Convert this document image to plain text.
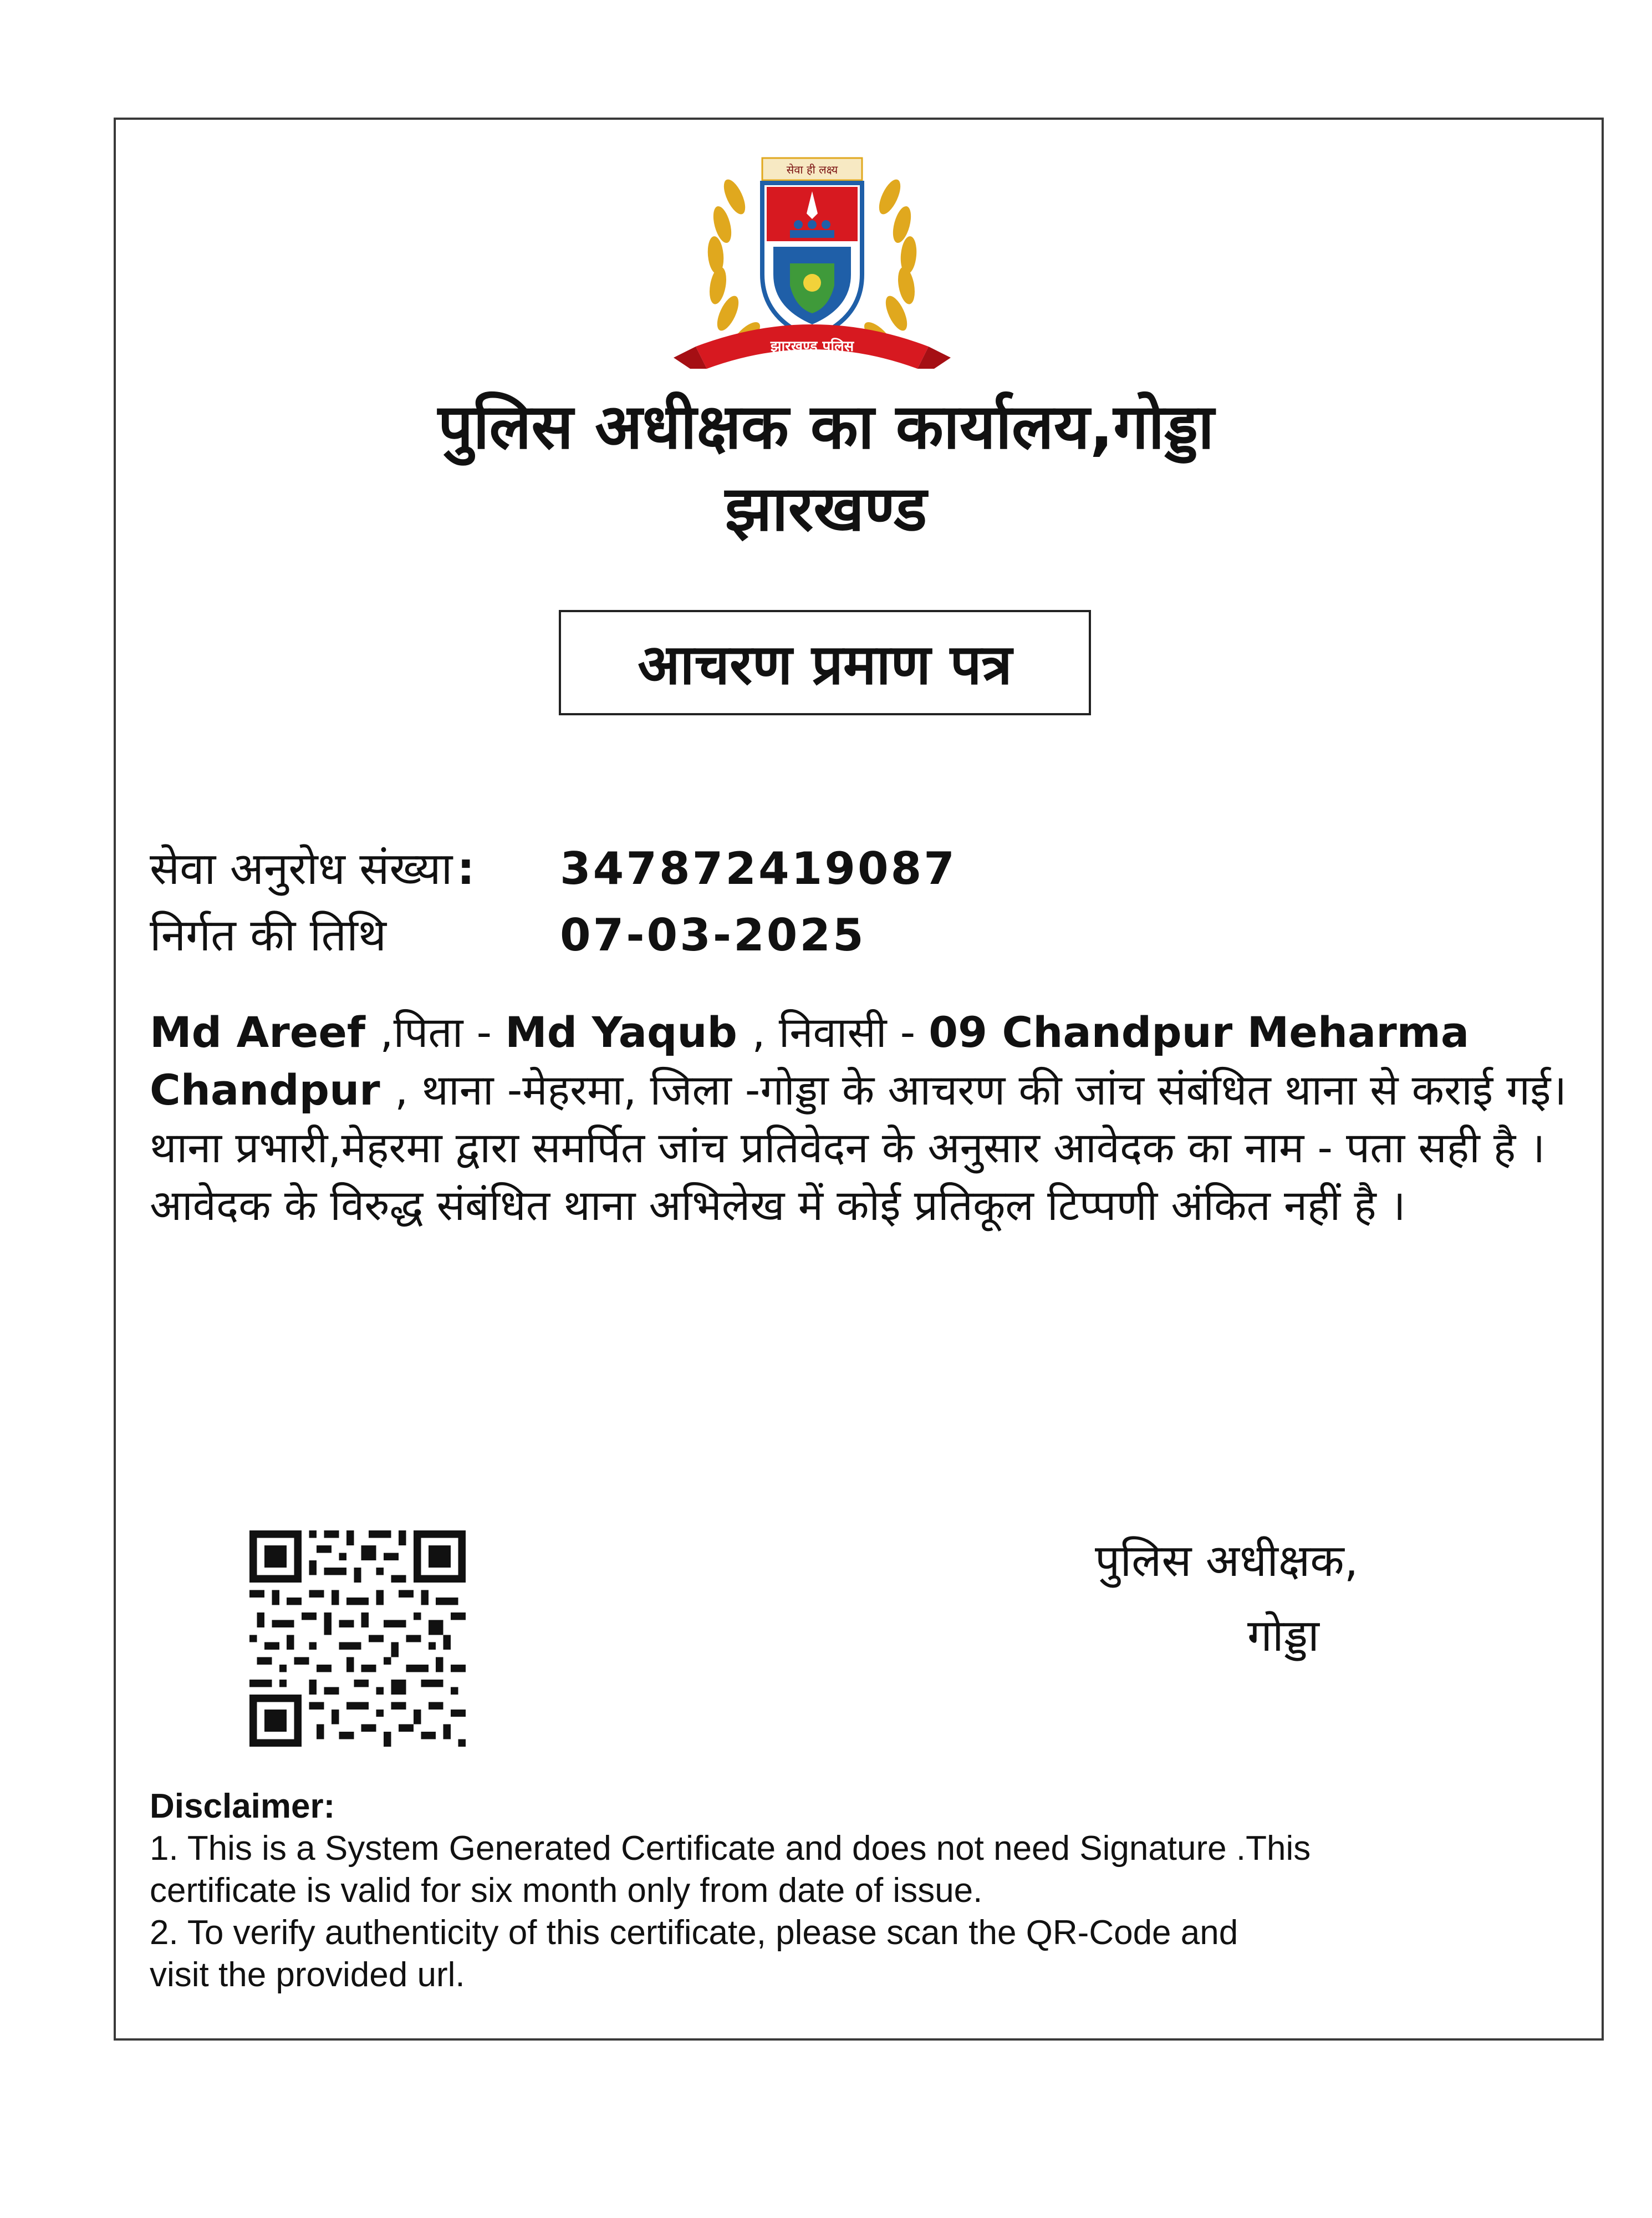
सेवा ही लक्ष्य
झारखण्ड पुलिस
पुलिस अधीक्षक का कार्यालय,गोड्डा
झारखण्ड
आचरण प्रमाण पत्र
सेवा अनुरोध संख्या : 347872419087
निर्गत की तिथि	07-03-2025
Md Areef ,पिता - Md Yaqub , निवासी - 09 Chandpur Meharma Chandpur , थाना -मेहरमा, जिला -गोड्डा के आचरण की जांच संबंधित थाना से कराई गई। थाना प्रभारी,मेहरमा द्वारा समर्पित जांच प्रतिवेदन के अनुसार आवेदक का नाम - पता सही है । आवेदक के विरुद्ध संबंधित थाना अभिलेख में कोई प्रतिकूल टिप्पणी अंकित नहीं है ।
पुलिस अधीक्षक,
गोड्डा
Disclaimer:
1. This is a System Generated Certificate and does not need Signature .This
certificate is valid for six month only from date of issue.
2. To verify authenticity of this certificate, please scan the QR-Code and
visit the provided url.
